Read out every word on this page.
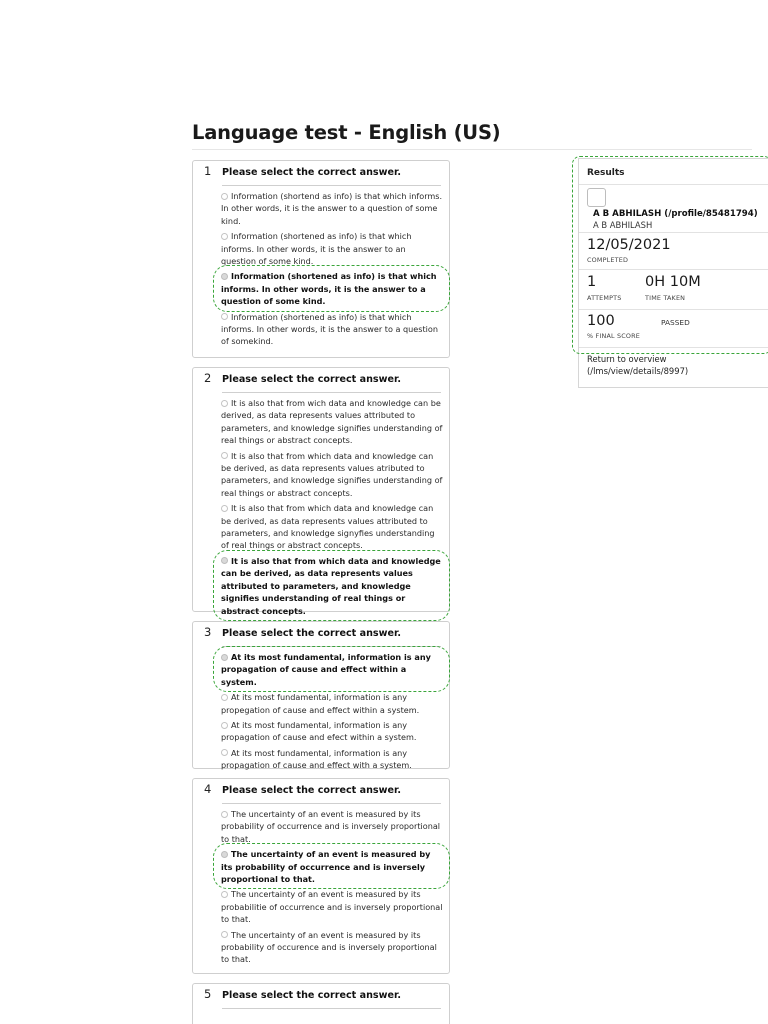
Language test - English (US)
1 Please select the correct answer.
Information (shortend as info) is that which informs. In other words, it is the answer to a question of some kind.
Information (shortened as info) is that which informs. In other words, it is the answer to an question of some kind.
Information (shortened as info) is that which informs. In other words, it is the answer to a question of some kind.
Information (shortened as info) is that which informs. In other words, it is the answer to a question of somekind.
2 Please select the correct answer.
It is also that from wich data and knowledge can be derived, as data represents values attributed to parameters, and knowledge signifies understanding of real things or abstract concepts.
It is also that from which data and knowledge can be derived, as data represents values atributed to parameters, and knowledge signifies understanding of real things or abstract concepts.
It is also that from which data and knowledge can be derived, as data represents values attributed to parameters, and knowledge signyfies understanding of real things or abstract concepts.
It is also that from which data and knowledge can be derived, as data represents values attributed to parameters, and knowledge signifies understanding of real things or abstract concepts.
3 Please select the correct answer.
At its most fundamental, information is any propagation of cause and effect within a system.
At its most fundamental, information is any propegation of cause and effect within a system.
At its most fundamental, information is any propagation of cause and efect within a system.
At its most fundamental, information is any propagation of cause and effect with a system.
4 Please select the correct answer.
The uncertainty of an event is measured by its probability of occurrence and is inversely proportional to that.
The uncertainty of an event is measured by its probability of occurrence and is inversely proportional to that.
The uncertainty of an event is measured by its probabilitie of occurrence and is inversely proportional to that.
The uncertainty of an event is measured by its probability of occurence and is inversely proportional to that.
5 Please select the correct answer.
Results
A B ABHILASH (/profile/85481794)
A B ABHILASH
12/05/2021
COMPLETED
1
ATTEMPTS
0H 10M
TIME TAKEN
100	PASSED
% FINAL SCORE
Return to overview (/lms/view/details/8997)
